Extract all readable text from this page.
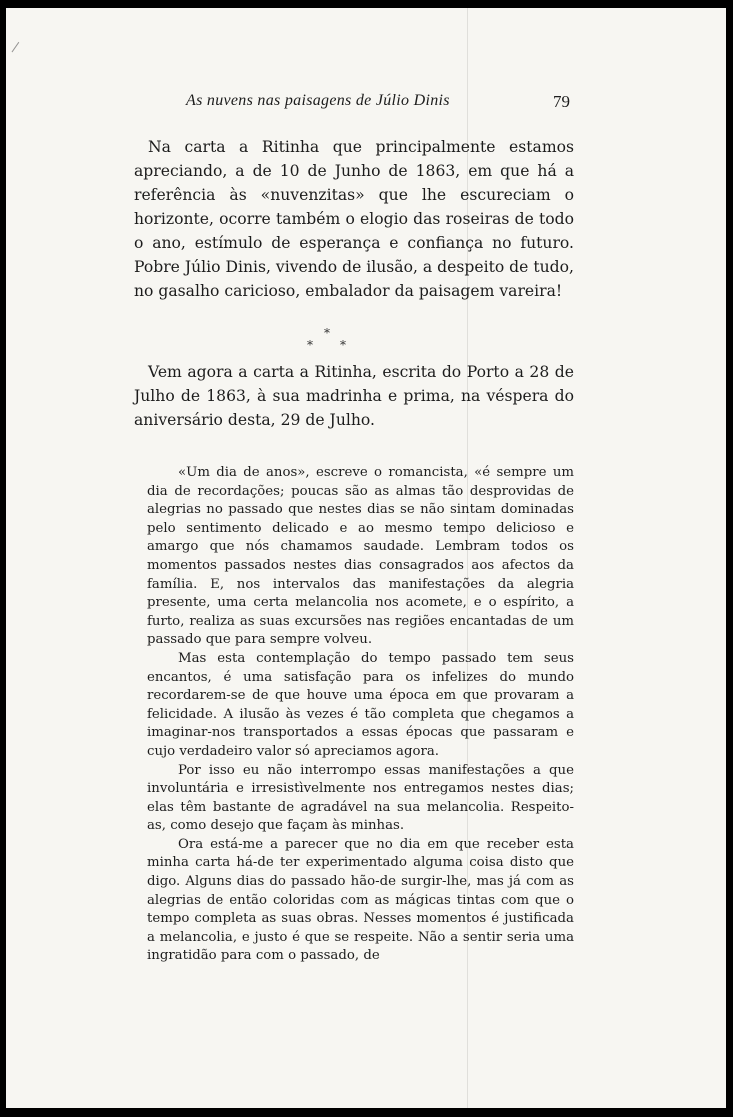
As nuvens nas paisagens de Júlio Dinis	79

Na carta a Ritinha que principalmente estamos apreciando, a de 10 de Junho de 1863, em que há a referência às «nuvenzitas» que lhe escureciam o horizonte, ocorre também o elogio das roseiras de todo o ano, estímulo de esperança e confiança no futuro. Pobre Júlio Dinis, vivendo de ilusão, a despeito de tudo, no gasalho caricioso, embalador da paisagem vareira!

*
* *

Vem agora a carta a Ritinha, escrita do Porto a 28 de Julho de 1863, à sua madrinha e prima, na véspera do aniversário desta, 29 de Julho.

«Um dia de anos», escreve o romancista, «é sempre um dia de recordações; poucas são as almas tão desprovidas de alegrias no passado que nestes dias se não sintam dominadas pelo sentimento delicado e ao mesmo tempo delicioso e amargo que nós chamamos saudade. Lembram todos os momentos passados nestes dias consagrados aos afectos da família. E, nos intervalos das manifestações da alegria presente, uma certa melancolia nos acomete, e o espírito, a furto, realiza as suas excursões nas regiões encantadas de um passado que para sempre volveu.

Mas esta contemplação do tempo passado tem seus encantos, é uma satisfação para os infelizes do mundo recordarem-se de que houve uma época em que provaram a felicidade. A ilusão às vezes é tão completa que chegamos a imaginar-nos transportados a essas épocas que passaram e cujo verdadeiro valor só apreciamos agora.

Por isso eu não interrompo essas manifestações a que involuntária e irresistìvelmente nos entregamos nestes dias; elas têm bastante de agradável na sua melancolia. Respeito-as, como desejo que façam às minhas.

Ora está-me a parecer que no dia em que receber esta minha carta há-de ter experimentado alguma coisa disto que digo. Alguns dias do passado hão-de surgir-lhe, mas já com as alegrias de então coloridas com as mágicas tintas com que o tempo completa as suas obras. Nesses momentos é justificada a melancolia, e justo é que se respeite. Não a sentir seria uma ingratidão para com o passado, de
